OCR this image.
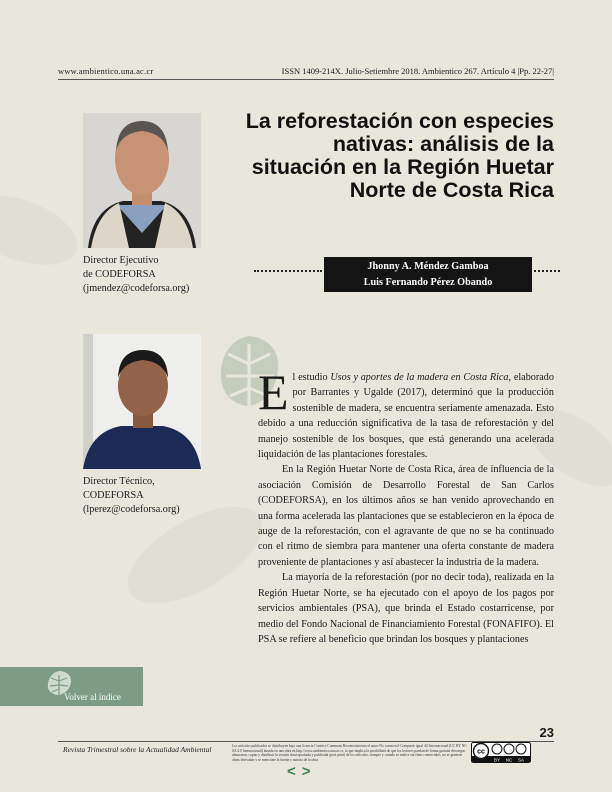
www.ambientico.una.ac.cr	ISSN 1409-214X. Julio-Setiembre 2018. Ambientico 267. Artículo 4 |Pp. 22-27|
La reforestación con especies nativas: análisis de la situación en la Región Huetar Norte de Costa Rica
Director Ejecutivo
de CODEFORSA
(jmendez@codeforsa.org)
Jhonny A. Méndez Gamboa
Luis Fernando Pérez Obando
Director Técnico,
CODEFORSA
(lperez@codeforsa.org)

El estudio Usos y aportes de la madera en Costa Rica, elaborado por Barrantes y Ugalde (2017), determinó que la producción sostenible de madera, se encuentra seriamente amenazada. Esto debido a una reducción significativa de la tasa de reforestación y del manejo sostenible de los bosques, que está generando una acelerada liquidación de las plantaciones forestales.

En la Región Huetar Norte de Costa Rica, área de influencia de la asociación Comisión de Desarrollo Forestal de San Carlos (CODEFORSA), en los últimos años se han venido aprovechando en una forma acelerada las plantaciones que se establecieron en la época de auge de la reforestación, con el agravante de que no se ha continuado con el ritmo de siembra para mantener una oferta constante de madera proveniente de plantaciones y así abastecer la industria de la madera.

La mayoría de la reforestación (por no decir toda), realizada en la Región Huetar Norte, se ha ejecutado con el apoyo de los pagos por servicios ambientales (PSA), que brinda el Estado costarricense, por medio del Fondo Nacional de Financiamiento Forestal (FONAFIFO). El PSA se refiere al beneficio que brindan los bosques y plantaciones

Volver al índice
23
Revista Trimestral sobre la Actualidad Ambiental	Los artículos publicados se distribuyen bajo una licencia Creative Commons Reconocimiento al autor-No comercial-Compartir igual 4.0 Internacional (CC BY NC SA 4.0 Internacional) basada en una obra en http://www.ambientico.una.ac.cr, lo que implica la posibilidad de que los lectores puedan de forma gratuita descargar, almacenar, copiar y distribuir la versión final aprobada y publicada (post print) de los artículos, siempre y cuando se realice sin fines comerciales, no se generen obras derivadas y se mencione la fuente y autoría de la obra.
cc
BY NC SA
<>
